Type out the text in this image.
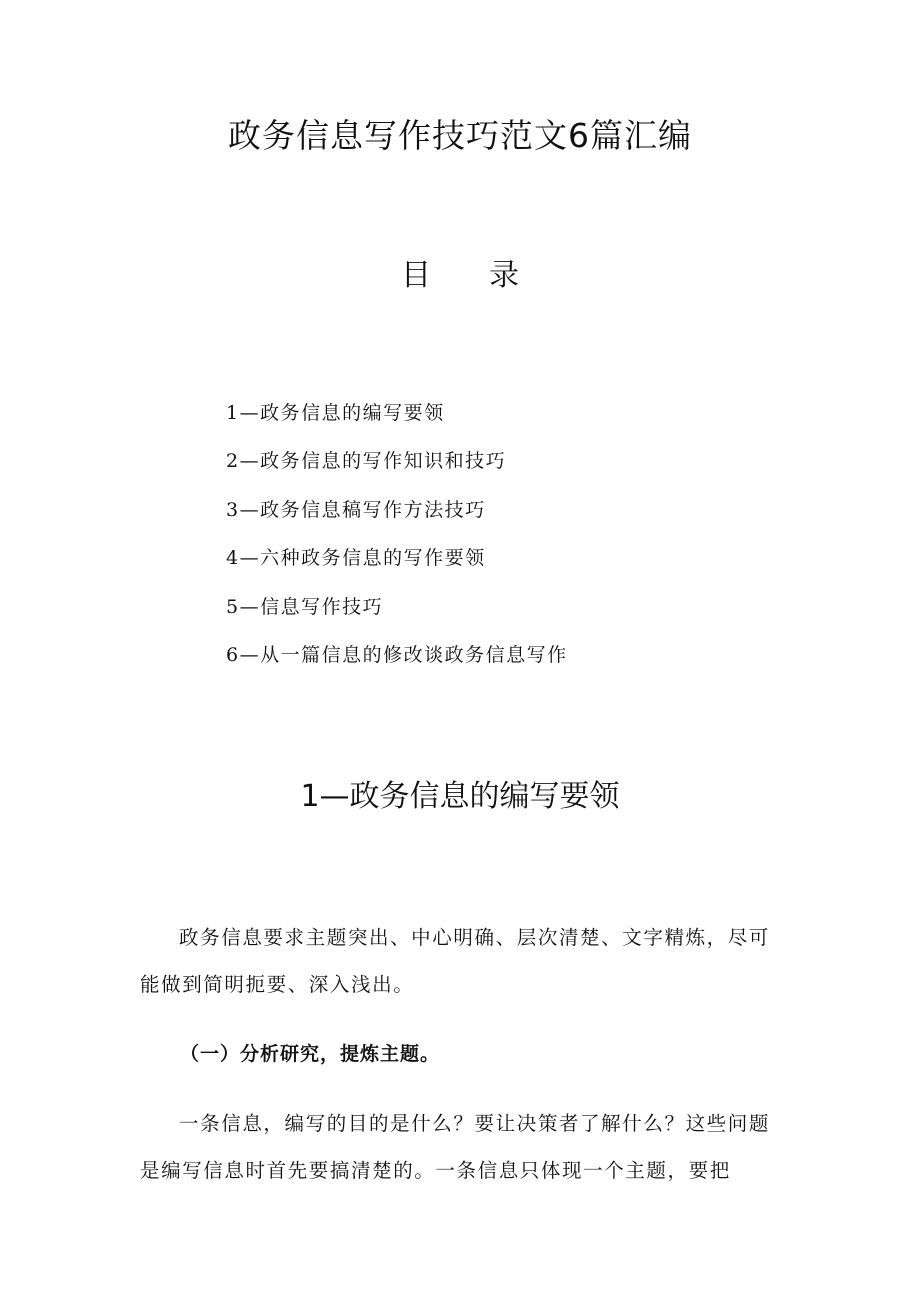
政务信息写作技巧范文6篇汇编
目 录
1—政务信息的编写要领
2—政务信息的写作知识和技巧
3—政务信息稿写作方法技巧
4—六种政务信息的写作要领
5—信息写作技巧
6—从一篇信息的修改谈政务信息写作
1—政务信息的编写要领

政务信息要求主题突出、中心明确、层次清楚、文字精炼，尽可能做到简明扼要、深入浅出。

（一）分析研究，提炼主题。

一条信息，编写的目的是什么？要让决策者了解什么？这些问题是编写信息时首先要搞清楚的。一条信息只体现一个主题，要把
